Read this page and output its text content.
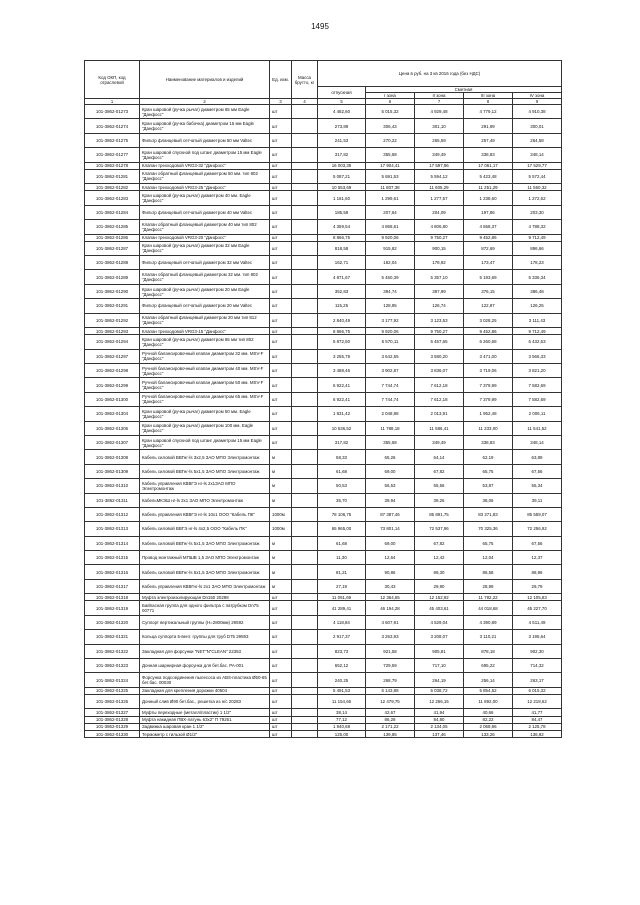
1495
Код ОКП, код отраслевой	Наименование материалов и изделий	Ед. изм.	Масса брутто, кг	Цена в руб. на 3 кв 2016 года (без НДС)				
				отпускная	Сметная			
					I зона	II зона	III зона	IV зона
1	2	3	4	5	6	7	8	9
101-3862-01273	Кран шаровой (ручка рычаг) диаметром 65 мм Eagle "Данфосс"	шт		4 482,60	5 015,32	4 929,48	4 779,12	4 910,38
101-3862-01274	Кран шаровой (ручка бабочка) диаметром 15 мм Eagle "Данфосс"	шт		273,89	306,43	301,10	291,99	300,01
101-3862-01275	Фильтр фланцевый сетчатый диаметром 50 мм Valtec	шт		241,53	270,22	265,59	257,49	264,58
101-3862-01277	Кран шаровой спускной под штанг диаметром 15 мм Eagle "Данфосс"	шт		317,82	355,58	349,49	338,83	348,14
101-3862-01278	Клапан трехходовой VRG3-32 "Данфосс"	шт		16 003,35	17 904,41	17 597,96	17 061,17	17 529,77
101-3862-01281	Клапан обратный фланцевый диаметром 50 мм. тип 802 "Данфосс"	шт		5 087,21	5 691,53	5 594,12	5 423,48	5 572,44
101-3862-01282	Клапан трехходовой VRG3-25 "Данфосс"	шт		10 553,69	11 807,38	11 605,29	11 251,29	11 560,32
101-3862-01283	Кран шаровой (ручка рычаг) диаметром 40 мм. Eagle "Данфосс"	шт		1 161,60	1 299,61	1 277,57	1 238,60	1 272,62
101-3862-01284	Фильтр фланцевый сетчатый диаметром 40 мм Valtec	шт		185,59	207,64	204,09	197,86	203,30
101-3862-01285	Клапан обратный фланцевый диаметром 40 мм тип 802 "Данфосс"	шт		4 359,54	4 868,61	4 806,80	4 658,37	4 788,32
101-3862-01286	Клапан трехходовой VRG3-20 "Данфосс"	шт		8 866,75	9 920,06	9 750,27	9 452,86	9 712,49
101-3862-01287	Кран шаровой (ручка рычаг) диаметром 32 мм Eagle "Данфосс"	шт		818,58	915,82	900,15	872,69	896,66
101-3862-01288	Фильтр фланцевый сетчатый диаметром 32 мм Valtec	шт		162,71	182,04	178,92	173,47	178,23
101-3862-01289	Клапан обратный фланцевый диаметром 32 мм. тип 802 "Данфосс"	шт		4 871,67	5 450,39	5 357,10	5 193,69	5 336,34
101-3862-01290	Кран шаровой (ручка рычаг) диаметром 20 мм Eagle "Данфосс"	шт		352,83	394,74	387,99	376,15	386,48
101-3862-01291	Фильтр фланцевый сетчатый диаметром 20 мм Valtec	шт		115,25	128,95	126,74	122,87	126,25
101-3862-01292	Клапан обратный фланцевый диаметром 20 мм тип 812 "Данфосс"	шт		2 840,49	3 177,92	3 123,53	3 028,25	3 111,43
101-3862-01293	Клапан трехходовой VRG3-15 "Данфосс"	шт		8 866,75	9 920,06	9 750,27	9 452,86	9 712,49
101-3862-01294	Кран шаровой (ручка рычаг) диаметром 65 мм тип 802 "Данфосс"	шт		5 872,50	6 570,11	6 457,65	6 260,68	6 432,63
101-3862-01297	Ручной балансировочный клапан диаметром 32 мм. MSV-F "Данфосс"	шт		3 255,79	3 642,55	3 580,20	3 471,00	3 566,33
101-3862-01298	Ручной балансировочный клапан диаметром 40 мм. MSV-F "Данфосс"	шт		3 488,46	3 902,87	3 836,07	3 719,06	3 821,20
101-3862-01299	Ручной балансировочный клапан диаметром 50 мм. MSV-F "Данфосс"	шт		6 922,41	7 744,74	7 612,18	7 379,99	7 582,69
101-3862-01300	Ручной балансировочный клапан диаметром 65 мм. MSV-F "Данфосс"	шт		6 922,41	7 744,74	7 612,18	7 379,99	7 582,69
101-3862-01304	Кран шаровой (ручка рычаг) диаметром 50 мм. Eagle "Данфосс"	шт		1 831,42	2 048,98	2 013,91	1 952,48	2 006,11
101-3862-01306	Кран шаровой (ручка рычаг) диаметром 100 мм. Eagle "Данфосс"	шт		10 536,52	11 788,18	11 586,41	11 233,00	11 541,52
101-3862-01307	Кран шаровой спускной под штанг диаметром 15 мм Eagle "Данфосс"	шт		317,82	355,58	349,49	338,83	348,14
101-3862-01308	Кабель силовой ВВГнг-ls 3х2,5 ЗАО МПО Электромонтаж	м		58,33	65,26	64,14	62,19	63,89
101-3862-01309	Кабель силовой ВВГнг-ls 5х1,5 ЗАО МПО Электромонтаж	м		61,68	69,00	67,82	65,75	67,56
101-3862-01310	Кабель управления КВВГЭ нг-ls 2х1ЗАО МПО Электромонтаж	м		50,53	56,53	55,56	53,87	55,34
101-3862-01311	КабельМКЭШ нг-ls 2х1 ЗАО МПО Электромонтаж	м		35,70	39,94	39,26	38,06	39,11
101-3862-01312	Кабель управления КВВГЭ нг-ls 10х1 ООО "Кабель ПК"	1000м		78 106,75	87 387,46	85 891,75	83 271,83	85 559,07
101-3862-01313	Кабель силовой ВВГЭ нг-ls 4х2,5 ООО "Кабель ПК"	1000м		65 965,00	73 801,14	72 537,96	70 325,36	72 256,92
101-3862-01314	Кабель силовой ВВГнг-ls 5х1,5 ЗАО МПО Электромонтаж	м		61,68	69,00	67,82	65,75	67,56
101-3862-01315	Провод монтажный МПШВ 1,5 ЗАО МПО Электромонтаж	м		11,30	12,64	12,42	12,04	12,37
101-3862-01316	Кабель силовой ВВГнг-ls 5х1,5 ЗАО МПО Электромонтаж	м		81,21	90,86	89,30	86,58	88,96
101-3862-01317	Кабель управления КВВГнг-ls 2х1 ЗАО МПО Электромонтаж	м		27,19	30,43	29,90	28,99	29,79
101-3862-01318	Муфта электроизолирующая Dn150 20298	шт		11 051,69	12 364,55	12 152,92	11 782,22	12 105,83
101-3862-01319	Байпасная группа для одного фильтра с патрубком Dn75 00771	шт		41 289,41	46 194,28	45 403,61	44 018,68	45 227,70
101-3862-01320	Суппорт вертикальный группы (Н=2800мм) 29592	шт		4 118,84	4 607,91	4 529,04	4 390,89	4 511,49
101-3862-01321	Кольца суппорта 5-вент. группы для труб D75 29593	шт		2 917,37	3 263,93	3 208,07	3 110,21	3 195,64
101-3862-01322	Закладная для форсунки "NET"N"CLEAN" 22353	шт		823,73	921,58	905,81	878,18	902,30
101-3862-01323	Донная шарнирная форсунка для бет.бас. PA-001	шт		652,12	729,59	717,10	695,22	714,32
101-3862-01324	Форсунка подсоединения пылесоса из ABS-пластика Ø50-65 бет.бас. 00030	шт		240,25	268,79	264,19	256,14	263,17
101-3862-01325	Закладная для крепления дорожки 40504	шт		5 491,53	6 143,88	6 038,72	5 854,52	6 015,32
101-3862-01326	Донный слив Ø90 бет.бас., решетка из н/с 20283	шт		11 154,66	12 479,75	12 266,15	11 892,00	12 218,62
101-3862-01327	Муфты переходные (металл/пластик) 1 1/2"	шт		38,14	42,67	41,94	40,66	41,77
101-3862-01328	Муфта накидная ПВХ-латунь 63х2" П 79261	шт		77,12	86,28	84,80	82,22	84,47
101-3862-01329	Задвижка шаровая кран 1 1/2"	шт		1 940,68	2 171,22	2 134,05	2 068,96	2 125,78
101-3862-01330	Термометр с гильзой Ø1/2"	шт		125,00	139,85	137,46	133,26	136,92
